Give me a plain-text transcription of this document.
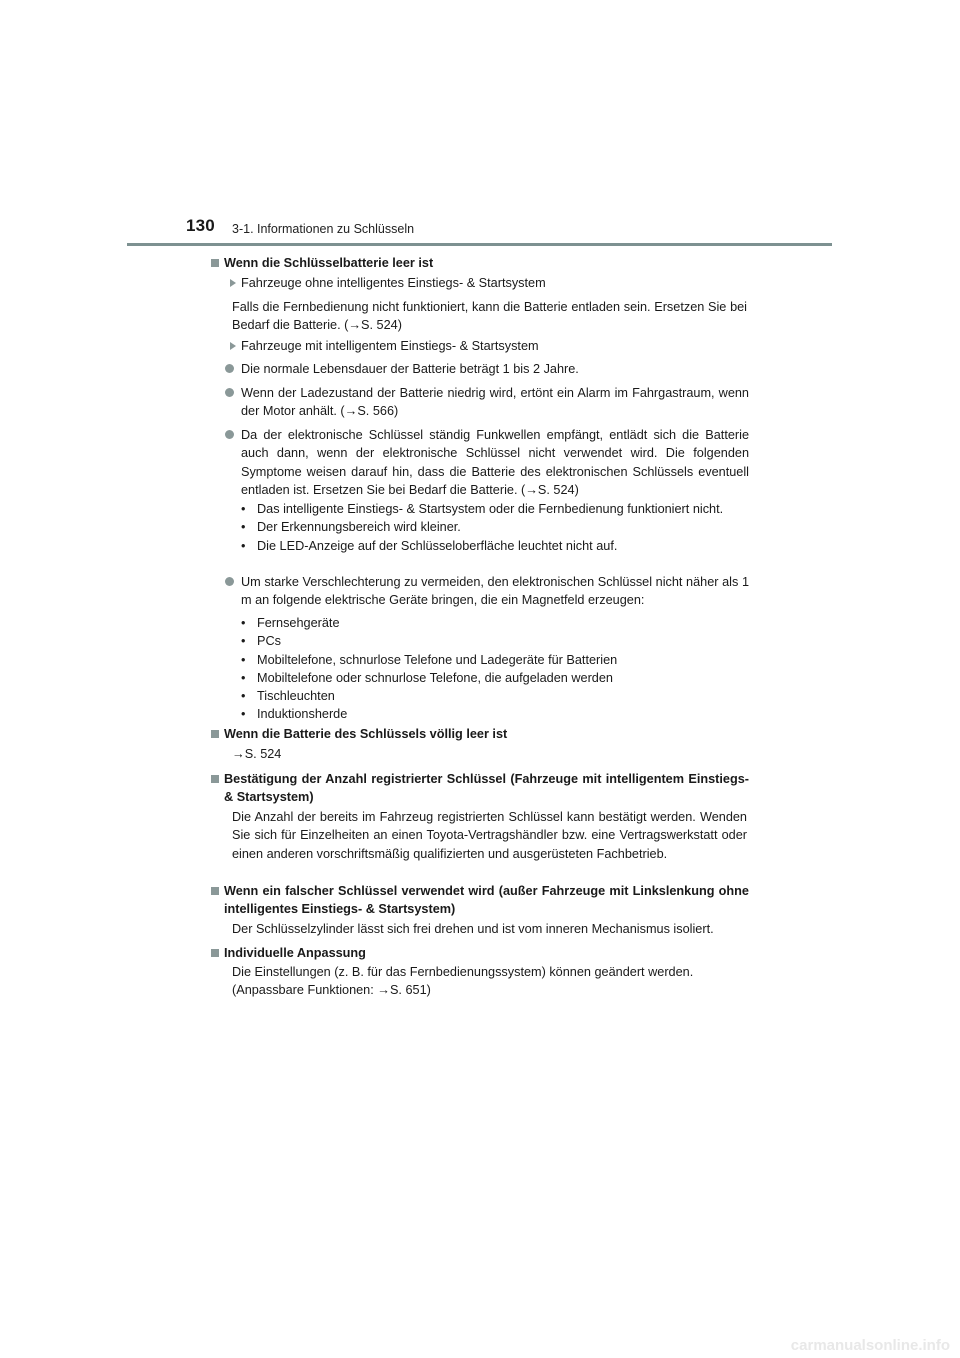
130 3-1. Informationen zu Schlüsseln
Wenn die Schlüsselbatterie leer ist
Fahrzeuge ohne intelligentes Einstiegs- & Startsystem
Falls die Fernbedienung nicht funktioniert, kann die Batterie entladen sein. Ersetzen Sie bei Bedarf die Batterie. (→S. 524)
Fahrzeuge mit intelligentem Einstiegs- & Startsystem
Die normale Lebensdauer der Batterie beträgt 1 bis 2 Jahre.
Wenn der Ladezustand der Batterie niedrig wird, ertönt ein Alarm im Fahrgastraum, wenn der Motor anhält. (→S. 566)
Da der elektronische Schlüssel ständig Funkwellen empfängt, entlädt sich die Batterie auch dann, wenn der elektronische Schlüssel nicht verwendet wird. Die folgenden Symptome weisen darauf hin, dass die Batterie des elektronischen Schlüssels eventuell entladen ist. Ersetzen Sie bei Bedarf die Batterie. (→S. 524)
• Das intelligente Einstiegs- & Startsystem oder die Fernbedienung funktioniert nicht.
• Der Erkennungsbereich wird kleiner.
• Die LED-Anzeige auf der Schlüsseloberfläche leuchtet nicht auf.
Um starke Verschlechterung zu vermeiden, den elektronischen Schlüssel nicht näher als 1 m an folgende elektrische Geräte bringen, die ein Magnetfeld erzeugen:
• Fernsehgeräte
• PCs
• Mobiltelefone, schnurlose Telefone und Ladegeräte für Batterien
• Mobiltelefone oder schnurlose Telefone, die aufgeladen werden
• Tischleuchten
• Induktionsherde
Wenn die Batterie des Schlüssels völlig leer ist
→S. 524
Bestätigung der Anzahl registrierter Schlüssel (Fahrzeuge mit intelligentem Einstiegs- & Startsystem)
Die Anzahl der bereits im Fahrzeug registrierten Schlüssel kann bestätigt werden. Wenden Sie sich für Einzelheiten an einen Toyota-Vertragshändler bzw. eine Vertragswerkstatt oder einen anderen vorschriftsmäßig qualifizierten und ausgerüsteten Fachbetrieb.
Wenn ein falscher Schlüssel verwendet wird (außer Fahrzeuge mit Linkslenkung ohne intelligentes Einstiegs- & Startsystem)
Der Schlüsselzylinder lässt sich frei drehen und ist vom inneren Mechanismus isoliert.
Individuelle Anpassung
Die Einstellungen (z. B. für das Fernbedienungssystem) können geändert werden. (Anpassbare Funktionen: →S. 651)
carmanualsonline.info
